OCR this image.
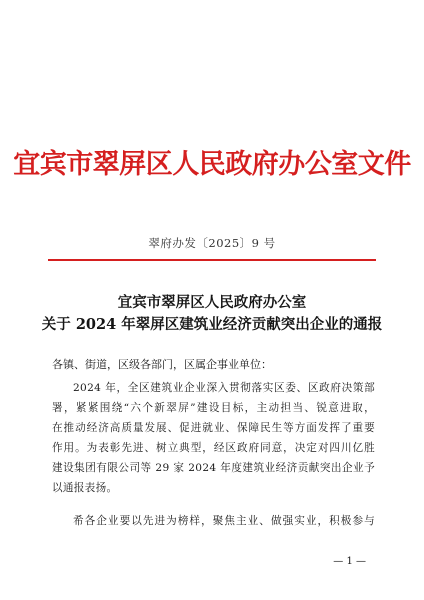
宜宾市翠屏区人民政府办公室文件
翠府办发〔2025〕9 号
宜宾市翠屏区人民政府办公室
关于 2024 年翠屏区建筑业经济贡献突出企业的通报
各镇、街道，区级各部门，区属企事业单位：
2024 年，全区建筑业企业深入贯彻落实区委、区政府决策部
署，紧紧围绕“六个新翠屏”建设目标，主动担当、锐意进取，
在推动经济高质量发展、促进就业、保障民生等方面发挥了重要
作用。为表彰先进、树立典型，经区政府同意，决定对四川亿胜
建设集团有限公司等 29 家 2024 年度建筑业经济贡献突出企业予
以通报表扬。
希各企业要以先进为榜样，聚焦主业、做强实业，积极参与
— 1 —
